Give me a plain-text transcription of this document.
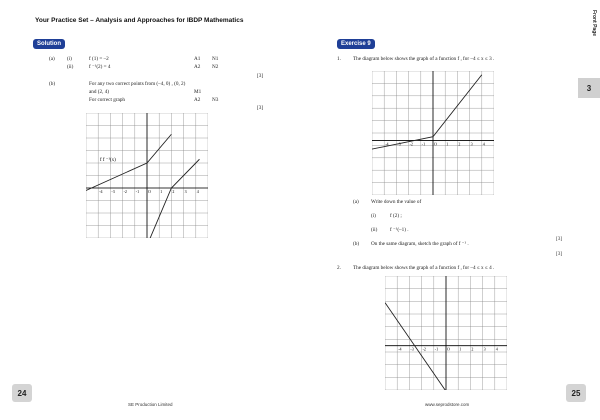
Your Practice Set – Analysis and Approaches for IBDP Mathematics	Front Page
Solution
(a) (i)	f (1) = –2	A1 N1
(ii)	f ⁻¹(2) = 4	A2 N2
[3]
(b)	For any two correct points from (–4, 0) , (0, 2)
and (2, 4)	M1
For correct graph	A2 N3
[3]
-4 -3 -2 -1 O 1	2	3	4
f f ⁻¹(x)
24
SE Production Limited
Exercise 9
1. The diagram below shows the graph of a function f , for –4 ≤ x ≤ 3 .
-4 -3 -2 -1 O 1	2	3	4
(a) Write down the value of
(i)	f (2) ;
(ii) f ⁻¹(–1) .
[3]
(b) On the same diagram, sketch the graph of f ⁻¹ .
[3]
2. The diagram below shows the graph of a function f , for –4 ≤ x ≤ 4 .
-4 -3 -2 -1 O 1	2	3	4
3
25
www.seprodstore.com
